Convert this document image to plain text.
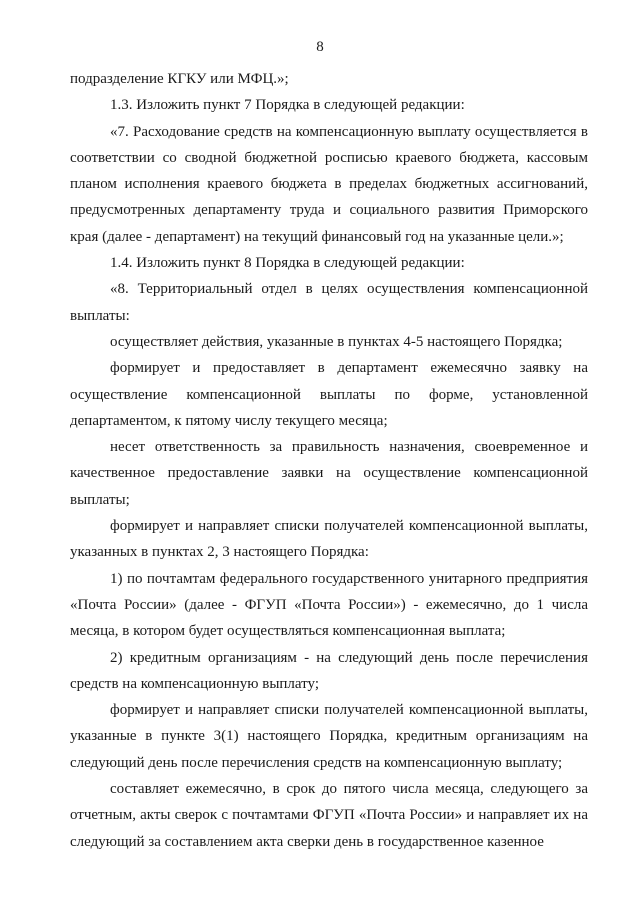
8

подразделение КГКУ или МФЦ.»;

1.3. Изложить пункт 7 Порядка в следующей редакции:

«7. Расходование средств на компенсационную выплату осуществляется в соответствии со сводной бюджетной росписью краевого бюджета, кассовым планом исполнения краевого бюджета в пределах бюджетных ассигнований, предусмотренных департаменту труда и социального развития Приморского края (далее - департамент) на текущий финансовый год на указанные цели.»;

1.4. Изложить пункт 8 Порядка в следующей редакции:

«8. Территориальный отдел в целях осуществления компенсационной выплаты:

осуществляет действия, указанные в пунктах 4-5 настоящего Порядка;

формирует и предоставляет в департамент ежемесячно заявку на осуществление компенсационной выплаты по форме, установленной департаментом, к пятому числу текущего месяца;

несет ответственность за правильность назначения, своевременное и качественное предоставление заявки на осуществление компенсационной выплаты;

формирует и направляет списки получателей компенсационной выплаты, указанных в пунктах 2, 3 настоящего Порядка:

1) по почтамтам федерального государственного унитарного предприятия «Почта России» (далее - ФГУП «Почта России») - ежемесячно, до 1 числа месяца, в котором будет осуществляться компенсационная выплата;

2) кредитным организациям - на следующий день после перечисления средств на компенсационную выплату;

формирует и направляет списки получателей компенсационной выплаты, указанные в пункте 3(1) настоящего Порядка, кредитным организациям на следующий день после перечисления средств на компенсационную выплату;

составляет ежемесячно, в срок до пятого числа месяца, следующего за отчетным, акты сверок с почтамтами ФГУП «Почта России» и направляет их на следующий за составлением акта сверки день в государственное казенное
